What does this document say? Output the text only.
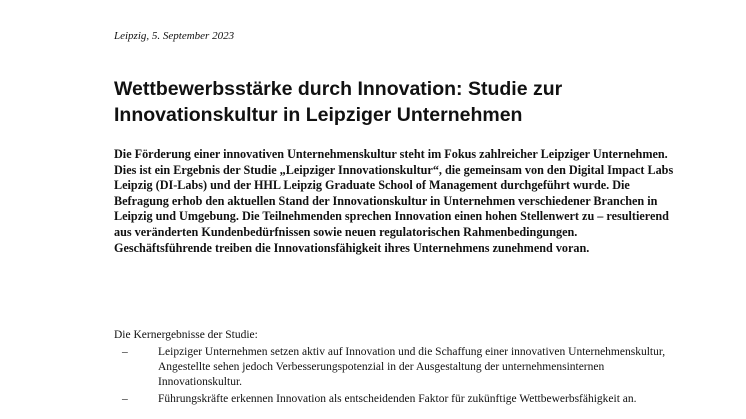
Leipzig, 5. September 2023
Wettbewerbsstärke durch Innovation: Studie zur Innovationskultur in Leipziger Unternehmen

Die Förderung einer innovativen Unternehmenskultur steht im Fokus zahlreicher Leipziger Unternehmen. Dies ist ein Ergebnis der Studie „Leipziger Innovationskultur“, die gemeinsam von den Digital Impact Labs Leipzig (DI-Labs) und der HHL Leipzig Graduate School of Management durchgeführt wurde. Die Befragung erhob den aktuellen Stand der Innovationskultur in Unternehmen verschiedener Branchen in Leipzig und Umgebung. Die Teilnehmenden sprechen Innovation einen hohen Stellenwert zu – resultierend aus veränderten Kundenbedürfnissen sowie neuen regulatorischen Rahmenbedingungen. Geschäftsführende treiben die Innovationsfähigkeit ihres Unternehmens zunehmend voran.

Die Kernergebnisse der Studie:

–	Leipziger Unternehmen setzen aktiv auf Innovation und die Schaffung einer innovativen Unternehmenskultur, Angestellte sehen jedoch Verbesserungspotenzial in der Ausgestaltung der unternehmensinternen Innovationskultur.
–	Führungskräfte erkennen Innovation als entscheidenden Faktor für zukünftige Wettbewerbsfähigkeit an.
